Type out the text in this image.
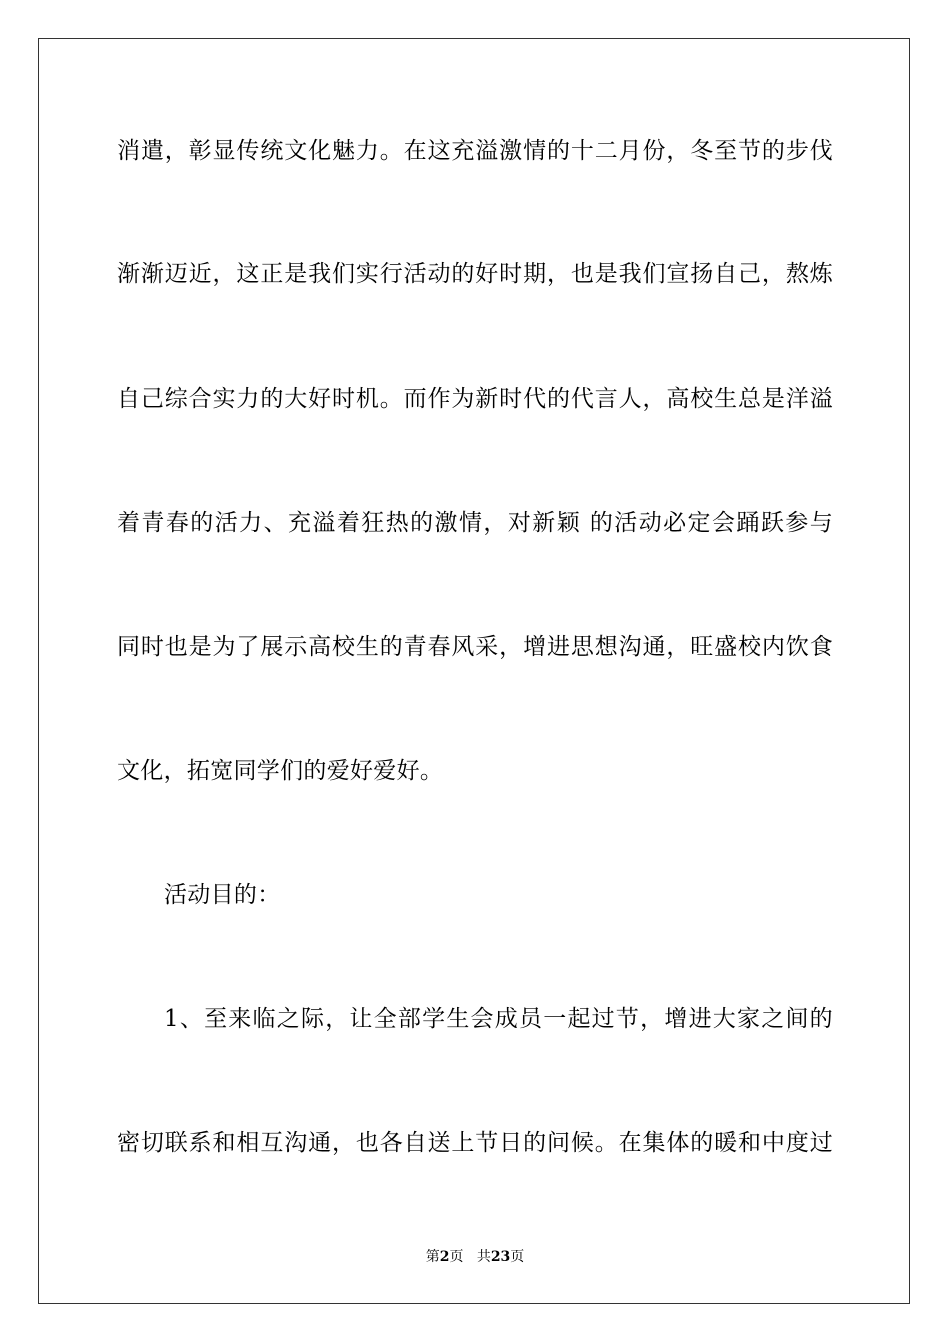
消遣，彰显传统文化魅力。在这充溢激情的十二月份，冬至节的步伐
渐渐迈近，这正是我们实行活动的好时期，也是我们宣扬自己，熬炼
自己综合实力的大好时机。而作为新时代的代言人，高校生总是洋溢
着青春的活力、充溢着狂热的激情，对新颖 的活动必定会踊跃参与
同时也是为了展示高校生的青春风采，增进思想沟通，旺盛校内饮食
文化，拓宽同学们的爱好爱好。
活动目的：
1、至来临之际，让全部学生会成员一起过节，增进大家之间的
密切联系和相互沟通，也各自送上节日的问候。在集体的暖和中度过
第2页 共23页
